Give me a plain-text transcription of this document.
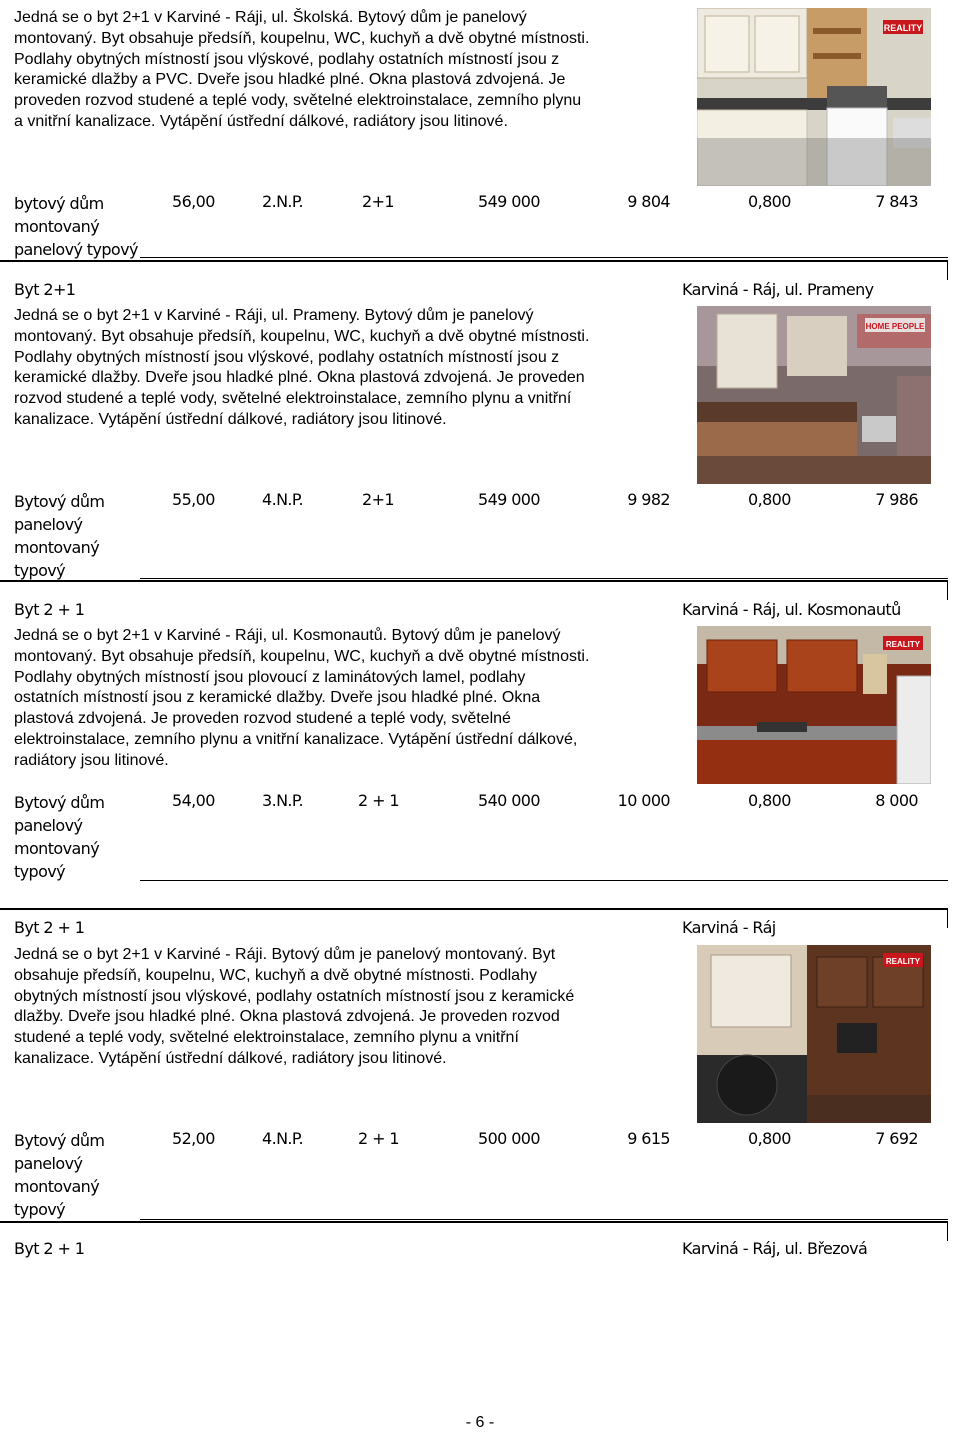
Jedná se o byt 2+1 v Karviné - Ráji, ul. Školská. Bytový dům je panelový
montovaný. Byt obsahuje předsíň, koupelnu, WC, kuchyň a dvě obytné místnosti.
Podlahy obytných místností jsou vlýskové, podlahy ostatních místností jsou z
keramické dlažby a PVC. Dveře jsou hladké plné. Okna plastová zdvojená. Je
proveden rozvod studené a teplé vody, světelné elektroinstalace, zemního plynu
a vnitřní kanalizace. Vytápění ústřední dálkové, radiátory jsou litinové.
REALITY
bytový dům
montovaný
panelový typový
56,00	2.N.P.	2+1	549 000	9 804	0,800	7 843
Byt 2+1	Karviná - Ráj, ul. Prameny
Jedná se o byt 2+1 v Karviné - Ráji, ul. Prameny. Bytový dům je panelový
montovaný. Byt obsahuje předsíň, koupelnu, WC, kuchyň a dvě obytné místnosti.
Podlahy obytných místností jsou vlýskové, podlahy ostatních místností jsou z
keramické dlažby. Dveře jsou hladké plné. Okna plastová zdvojená. Je proveden
rozvod studené a teplé vody, světelné elektroinstalace, zemního plynu a vnitřní
kanalizace. Vytápění ústřední dálkové, radiátory jsou litinové.
HOME PEOPLE
Bytový dům
panelový
montovaný
typový
55,00	4.N.P.	2+1	549 000	9 982	0,800	7 986
Byt 2 + 1	Karviná - Ráj, ul. Kosmonautů
Jedná se o byt 2+1 v Karviné - Ráji, ul. Kosmonautů. Bytový dům je panelový
montovaný. Byt obsahuje předsíň, koupelnu, WC, kuchyň a dvě obytné místnosti.
Podlahy obytných místností jsou plovoucí z laminátových lamel, podlahy
ostatních místností jsou z keramické dlažby. Dveře jsou hladké plné. Okna
plastová zdvojená. Je proveden rozvod studené a teplé vody, světelné
elektroinstalace, zemního plynu a vnitřní kanalizace. Vytápění ústřední dálkové,
radiátory jsou litinové.
REALITY
Bytový dům
panelový
montovaný
typový
54,00	3.N.P.	2 + 1	540 000	10 000	0,800	8 000
Byt 2 + 1	Karviná - Ráj
Jedná se o byt 2+1 v Karviné - Ráji. Bytový dům je panelový montovaný. Byt
obsahuje předsíň, koupelnu, WC, kuchyň a dvě obytné místnosti. Podlahy
obytných místností jsou vlýskové, podlahy ostatních místností jsou z keramické
dlažby. Dveře jsou hladké plné. Okna plastová zdvojená. Je proveden rozvod
studené a teplé vody, světelné elektroinstalace, zemního plynu a vnitřní
kanalizace. Vytápění ústřední dálkové, radiátory jsou litinové.
REALITY
Bytový dům
panelový
montovaný
typový
52,00	4.N.P.	2 + 1	500 000	9 615	0,800	7 692
Byt 2 + 1	Karviná - Ráj, ul. Březová
- 6 -
